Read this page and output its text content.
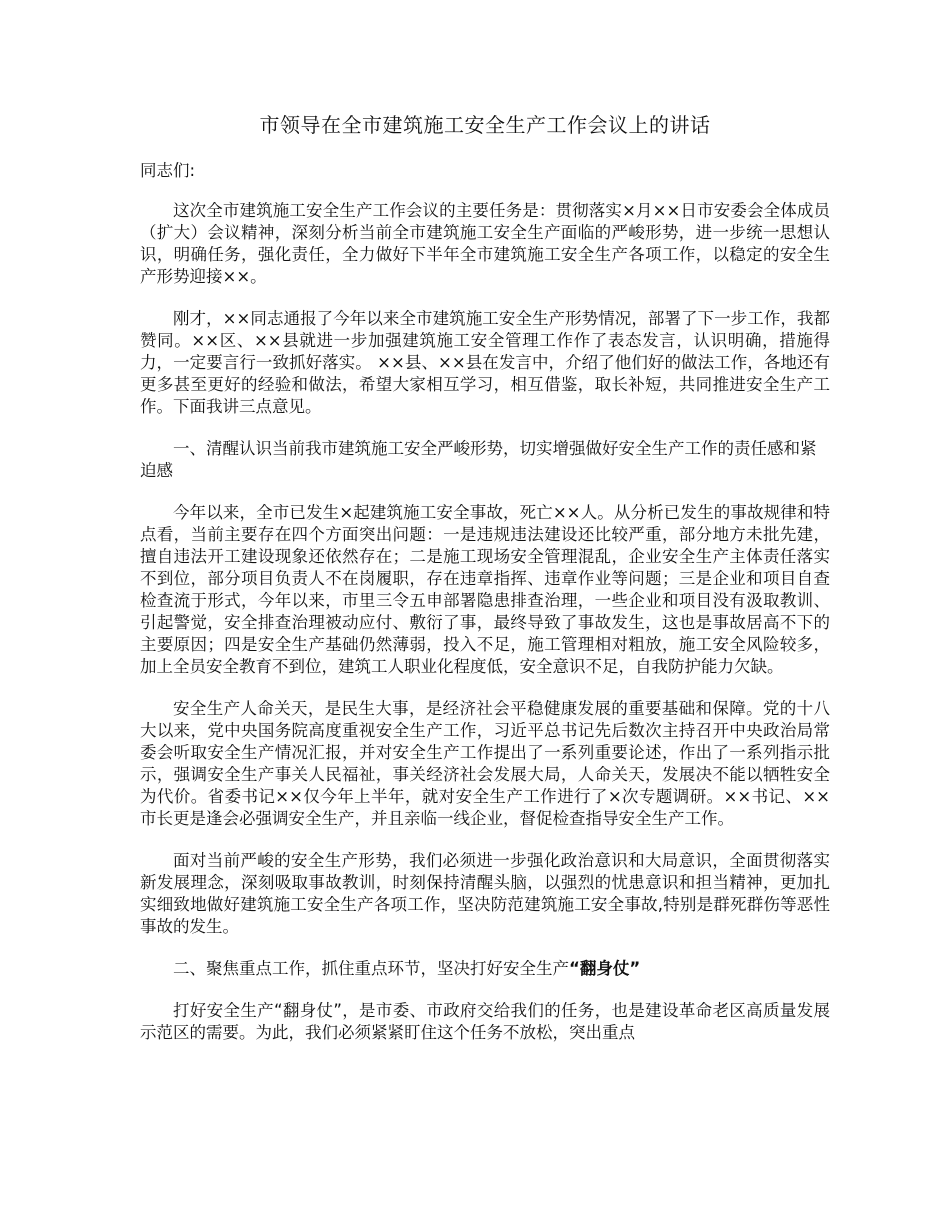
市领导在全市建筑施工安全生产工作会议上的讲话

同志们:

这次全市建筑施工安全生产工作会议的主要任务是：贯彻落实×月××日市安委会全体成员（扩大）会议精神，深刻分析当前全市建筑施工安全生产面临的严峻形势，进一步统一思想认识，明确任务，强化责任，全力做好下半年全市建筑施工安全生产各项工作，以稳定的安全生产形势迎接××。

刚才，××同志通报了今年以来全市建筑施工安全生产形势情况，部署了下一步工作，我都赞同。××区、××县就进一步加强建筑施工安全管理工作作了表态发言，认识明确，措施得力，一定要言行一致抓好落实。 ××县、××县在发言中，介绍了他们好的做法工作，各地还有更多甚至更好的经验和做法，希望大家相互学习，相互借鉴，取长补短，共同推进安全生产工作。下面我讲三点意见。

一、清醒认识当前我市建筑施工安全严峻形势，切实增强做好安全生产工作的责任感和紧迫感

今年以来，全市已发生×起建筑施工安全事故，死亡××人。从分析已发生的事故规律和特点看，当前主要存在四个方面突出问题：一是违规违法建设还比较严重，部分地方未批先建，擅自违法开工建设现象还依然存在；二是施工现场安全管理混乱，企业安全生产主体责任落实不到位，部分项目负责人不在岗履职，存在违章指挥、违章作业等问题；三是企业和项目自查检查流于形式，今年以来，市里三令五申部署隐患排查治理，一些企业和项目没有汲取教训、引起警觉，安全排查治理被动应付、敷衍了事，最终导致了事故发生，这也是事故居高不下的主要原因；四是安全生产基础仍然薄弱，投入不足，施工管理相对粗放，施工安全风险较多，加上全员安全教育不到位，建筑工人职业化程度低，安全意识不足，自我防护能力欠缺。

安全生产人命关天，是民生大事，是经济社会平稳健康发展的重要基础和保障。党的十八大以来，党中央国务院高度重视安全生产工作，习近平总书记先后数次主持召开中央政治局常委会听取安全生产情况汇报，并对安全生产工作提出了一系列重要论述，作出了一系列指示批示，强调安全生产事关人民福祉，事关经济社会发展大局，人命关天，发展决不能以牺牲安全为代价。省委书记××仅今年上半年，就对安全生产工作进行了×次专题调研。××书记、××市长更是逢会必强调安全生产，并且亲临一线企业，督促检查指导安全生产工作。

面对当前严峻的安全生产形势，我们必须进一步强化政治意识和大局意识，全面贯彻落实新发展理念，深刻吸取事故教训，时刻保持清醒头脑，以强烈的忧患意识和担当精神，更加扎实细致地做好建筑施工安全生产各项工作，坚决防范建筑施工安全事故,特别是群死群伤等恶性事故的发生。

二、聚焦重点工作，抓住重点环节，坚决打好安全生产“翻身仗”

打好安全生产“翻身仗”，是市委、市政府交给我们的任务，也是建设革命老区高质量发展示范区的需要。为此，我们必须紧紧盯住这个任务不放松，突出重点
